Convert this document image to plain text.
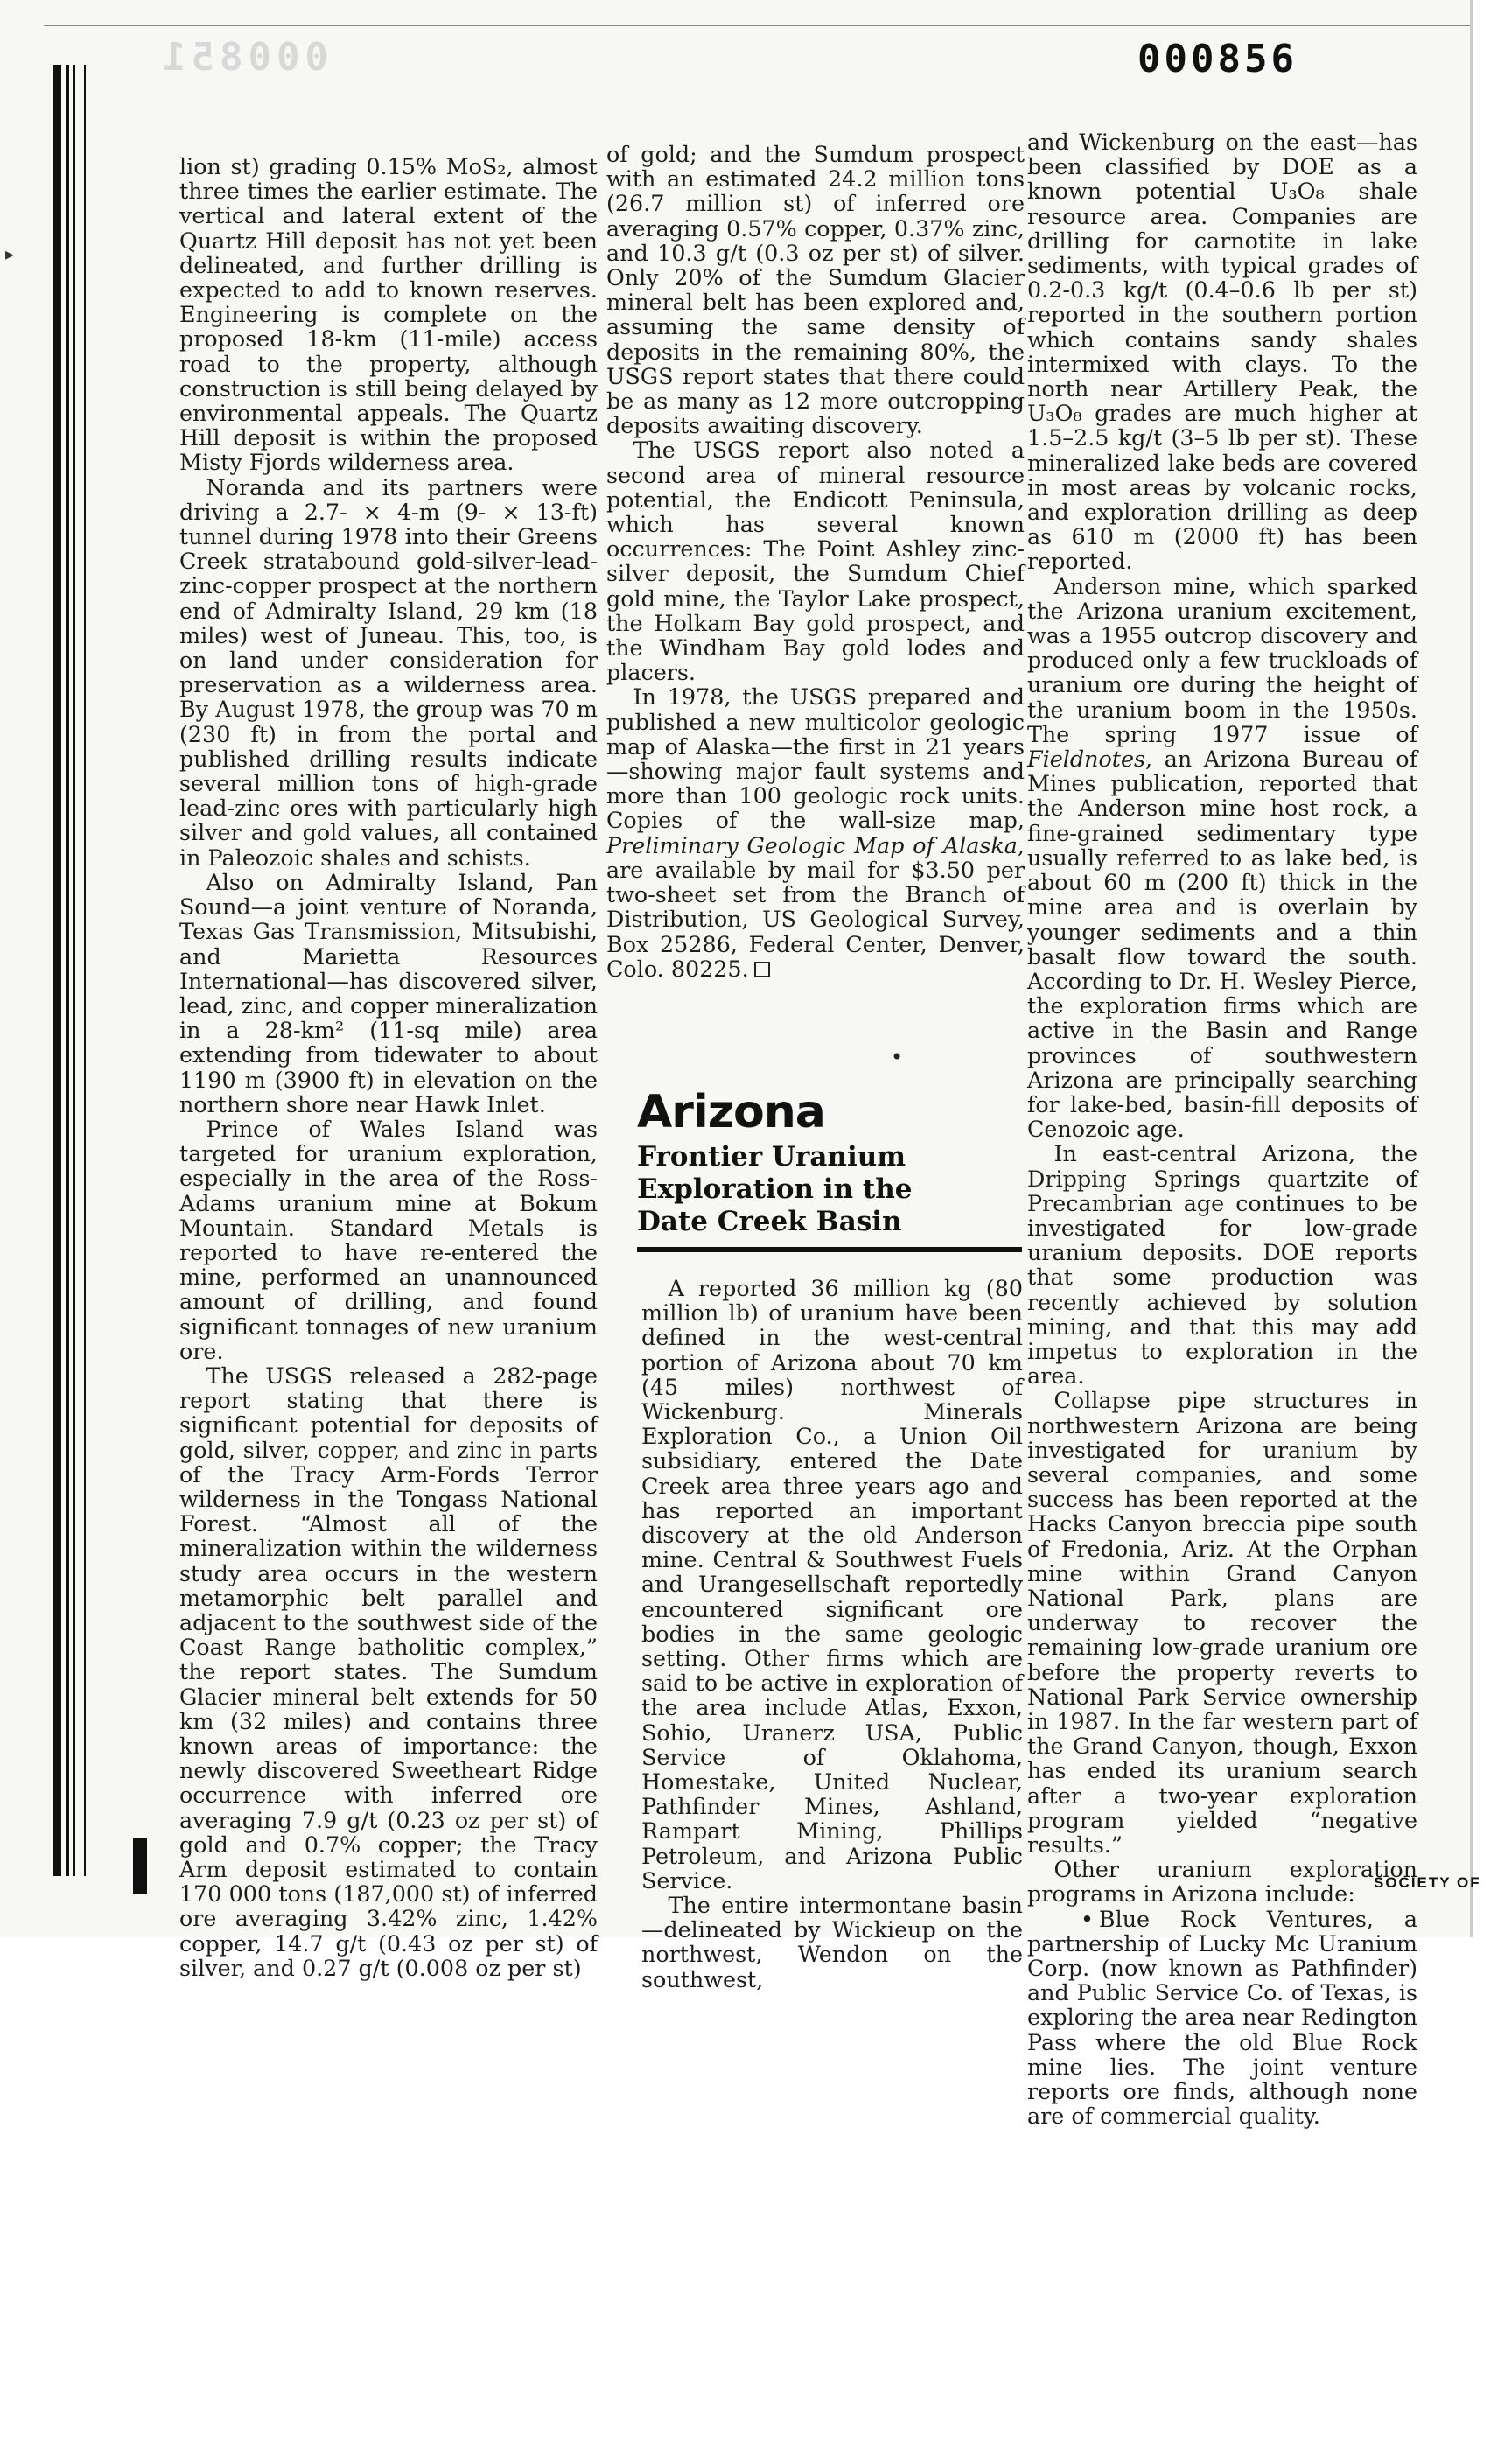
000851	000856
▸

lion st) grading 0.15% MoS₂, almost three times the earlier estimate. The vertical and lateral extent of the Quartz Hill deposit has not yet been delineated, and further drilling is expected to add to known reserves. Engineering is complete on the proposed 18-km (11-mile) access road to the property, although construction is still being delayed by environmental appeals. The Quartz Hill deposit is within the proposed Misty Fjords wilderness area.

Noranda and its partners were driving a 2.7- × 4-m (9- × 13-ft) tunnel during 1978 into their Greens Creek stratabound gold-silver-lead-zinc-copper prospect at the northern end of Admiralty Island, 29 km (18 miles) west of Juneau. This, too, is on land under consideration for preservation as a wilderness area. By August 1978, the group was 70 m (230 ft) in from the portal and published drilling results indicate several million tons of high-grade lead-zinc ores with particularly high silver and gold values, all contained in Paleozoic shales and schists.

Also on Admiralty Island, Pan Sound—a joint venture of Noranda, Texas Gas Transmission, Mitsubishi, and Marietta Resources International—has discovered silver, lead, zinc, and copper mineralization in a 28-km² (11-sq mile) area extending from tidewater to about 1190 m (3900 ft) in elevation on the northern shore near Hawk Inlet.

Prince of Wales Island was targeted for uranium exploration, especially in the area of the Ross-Adams uranium mine at Bokum Mountain. Standard Metals is reported to have re-entered the mine, performed an unannounced amount of drilling, and found significant tonnages of new uranium ore.

The USGS released a 282-page report stating that there is significant potential for deposits of gold, silver, copper, and zinc in parts of the Tracy Arm-Fords Terror wilderness in the Tongass National Forest. “Almost all of the mineralization within the wilderness study area occurs in the western metamorphic belt parallel and adjacent to the southwest side of the Coast Range batholitic complex,” the report states. The Sumdum Glacier mineral belt extends for 50 km (32 miles) and contains three known areas of importance: the newly discovered Sweetheart Ridge occurrence with inferred ore averaging 7.9 g/t (0.23 oz per st) of gold and 0.7% copper; the Tracy Arm deposit estimated to contain 170 000 tons (187,000 st) of inferred ore averaging 3.42% zinc, 1.42% copper, 14.7 g/t (0.43 oz per st) of silver, and 0.27 g/t (0.008 oz per st)

of gold; and the Sumdum prospect with an estimated 24.2 million tons (26.7 million st) of inferred ore averaging 0.57% copper, 0.37% zinc, and 10.3 g/t (0.3 oz per st) of silver. Only 20% of the Sumdum Glacier mineral belt has been explored and, assuming the same density of deposits in the remaining 80%, the USGS report states that there could be as many as 12 more outcropping deposits awaiting discovery.

The USGS report also noted a second area of mineral resource potential, the Endicott Peninsula, which has several known occurrences: The Point Ashley zinc-silver deposit, the Sumdum Chief gold mine, the Taylor Lake prospect, the Holkam Bay gold prospect, and the Windham Bay gold lodes and placers.

In 1978, the USGS prepared and published a new multicolor geologic map of Alaska—the first in 21 years—showing major fault systems and more than 100 geologic rock units. Copies of the wall-size map, Preliminary Geologic Map of Alaska, are available by mail for $3.50 per two-sheet set from the Branch of Distribution, US Geological Survey, Box 25286, Federal Center, Denver, Colo. 80225.

•
Arizona
Frontier Uranium
Exploration in the
Date Creek Basin

A reported 36 million kg (80 million lb) of uranium have been defined in the west-central portion of Arizona about 70 km (45 miles) northwest of Wickenburg. Minerals Exploration Co., a Union Oil subsidiary, entered the Date Creek area three years ago and has reported an important discovery at the old Anderson mine. Central & Southwest Fuels and Urangesellschaft reportedly encountered significant ore bodies in the same geologic setting. Other firms which are said to be active in exploration of the area include Atlas, Exxon, Sohio, Uranerz USA, Public Service of Oklahoma, Homestake, United Nuclear, Pathfinder Mines, Ashland, Rampart Mining, Phillips Petroleum, and Arizona Public Service.

The entire intermontane basin—delineated by Wickieup on the northwest, Wendon on the southwest,

and Wickenburg on the east—has been classified by DOE as a known potential U₃O₈ shale resource area. Companies are drilling for carnotite in lake sediments, with typical grades of 0.2-0.3 kg/t (0.4–0.6 lb per st) reported in the southern portion which contains sandy shales intermixed with clays. To the north near Artillery Peak, the U₃O₈ grades are much higher at 1.5–2.5 kg/t (3–5 lb per st). These mineralized lake beds are covered in most areas by volcanic rocks, and exploration drilling as deep as 610 m (2000 ft) has been reported.

Anderson mine, which sparked the Arizona uranium excitement, was a 1955 outcrop discovery and produced only a few truckloads of uranium ore during the height of the uranium boom in the 1950s. The spring 1977 issue of Fieldnotes, an Arizona Bureau of Mines publication, reported that the Anderson mine host rock, a fine-grained sedimentary type usually referred to as lake bed, is about 60 m (200 ft) thick in the mine area and is overlain by younger sediments and a thin basalt flow toward the south. According to Dr. H. Wesley Pierce, the exploration firms which are active in the Basin and Range provinces of southwestern Arizona are principally searching for lake-bed, basin-fill deposits of Cenozoic age.

In east-central Arizona, the Dripping Springs quartzite of Precambrian age continues to be investigated for low-grade uranium deposits. DOE reports that some production was recently achieved by solution mining, and that this may add impetus to exploration in the area.

Collapse pipe structures in northwestern Arizona are being investigated for uranium by several companies, and some success has been reported at the Hacks Canyon breccia pipe south of Fredonia, Ariz. At the Orphan mine within Grand Canyon National Park, plans are underway to recover the remaining low-grade uranium ore before the property reverts to National Park Service ownership in 1987. In the far western part of the Grand Canyon, though, Exxon has ended its uranium search after a two-year exploration program yielded “negative results.”

Other uranium exploration programs in Arizona include:

• Blue Rock Ventures, a partnership of Lucky Mc Uranium Corp. (now known as Pathfinder) and Public Service Co. of Texas, is exploring the area near Redington Pass where the old Blue Rock mine lies. The joint venture reports ore finds, although none are of commercial quality.

SOCIETY OF
